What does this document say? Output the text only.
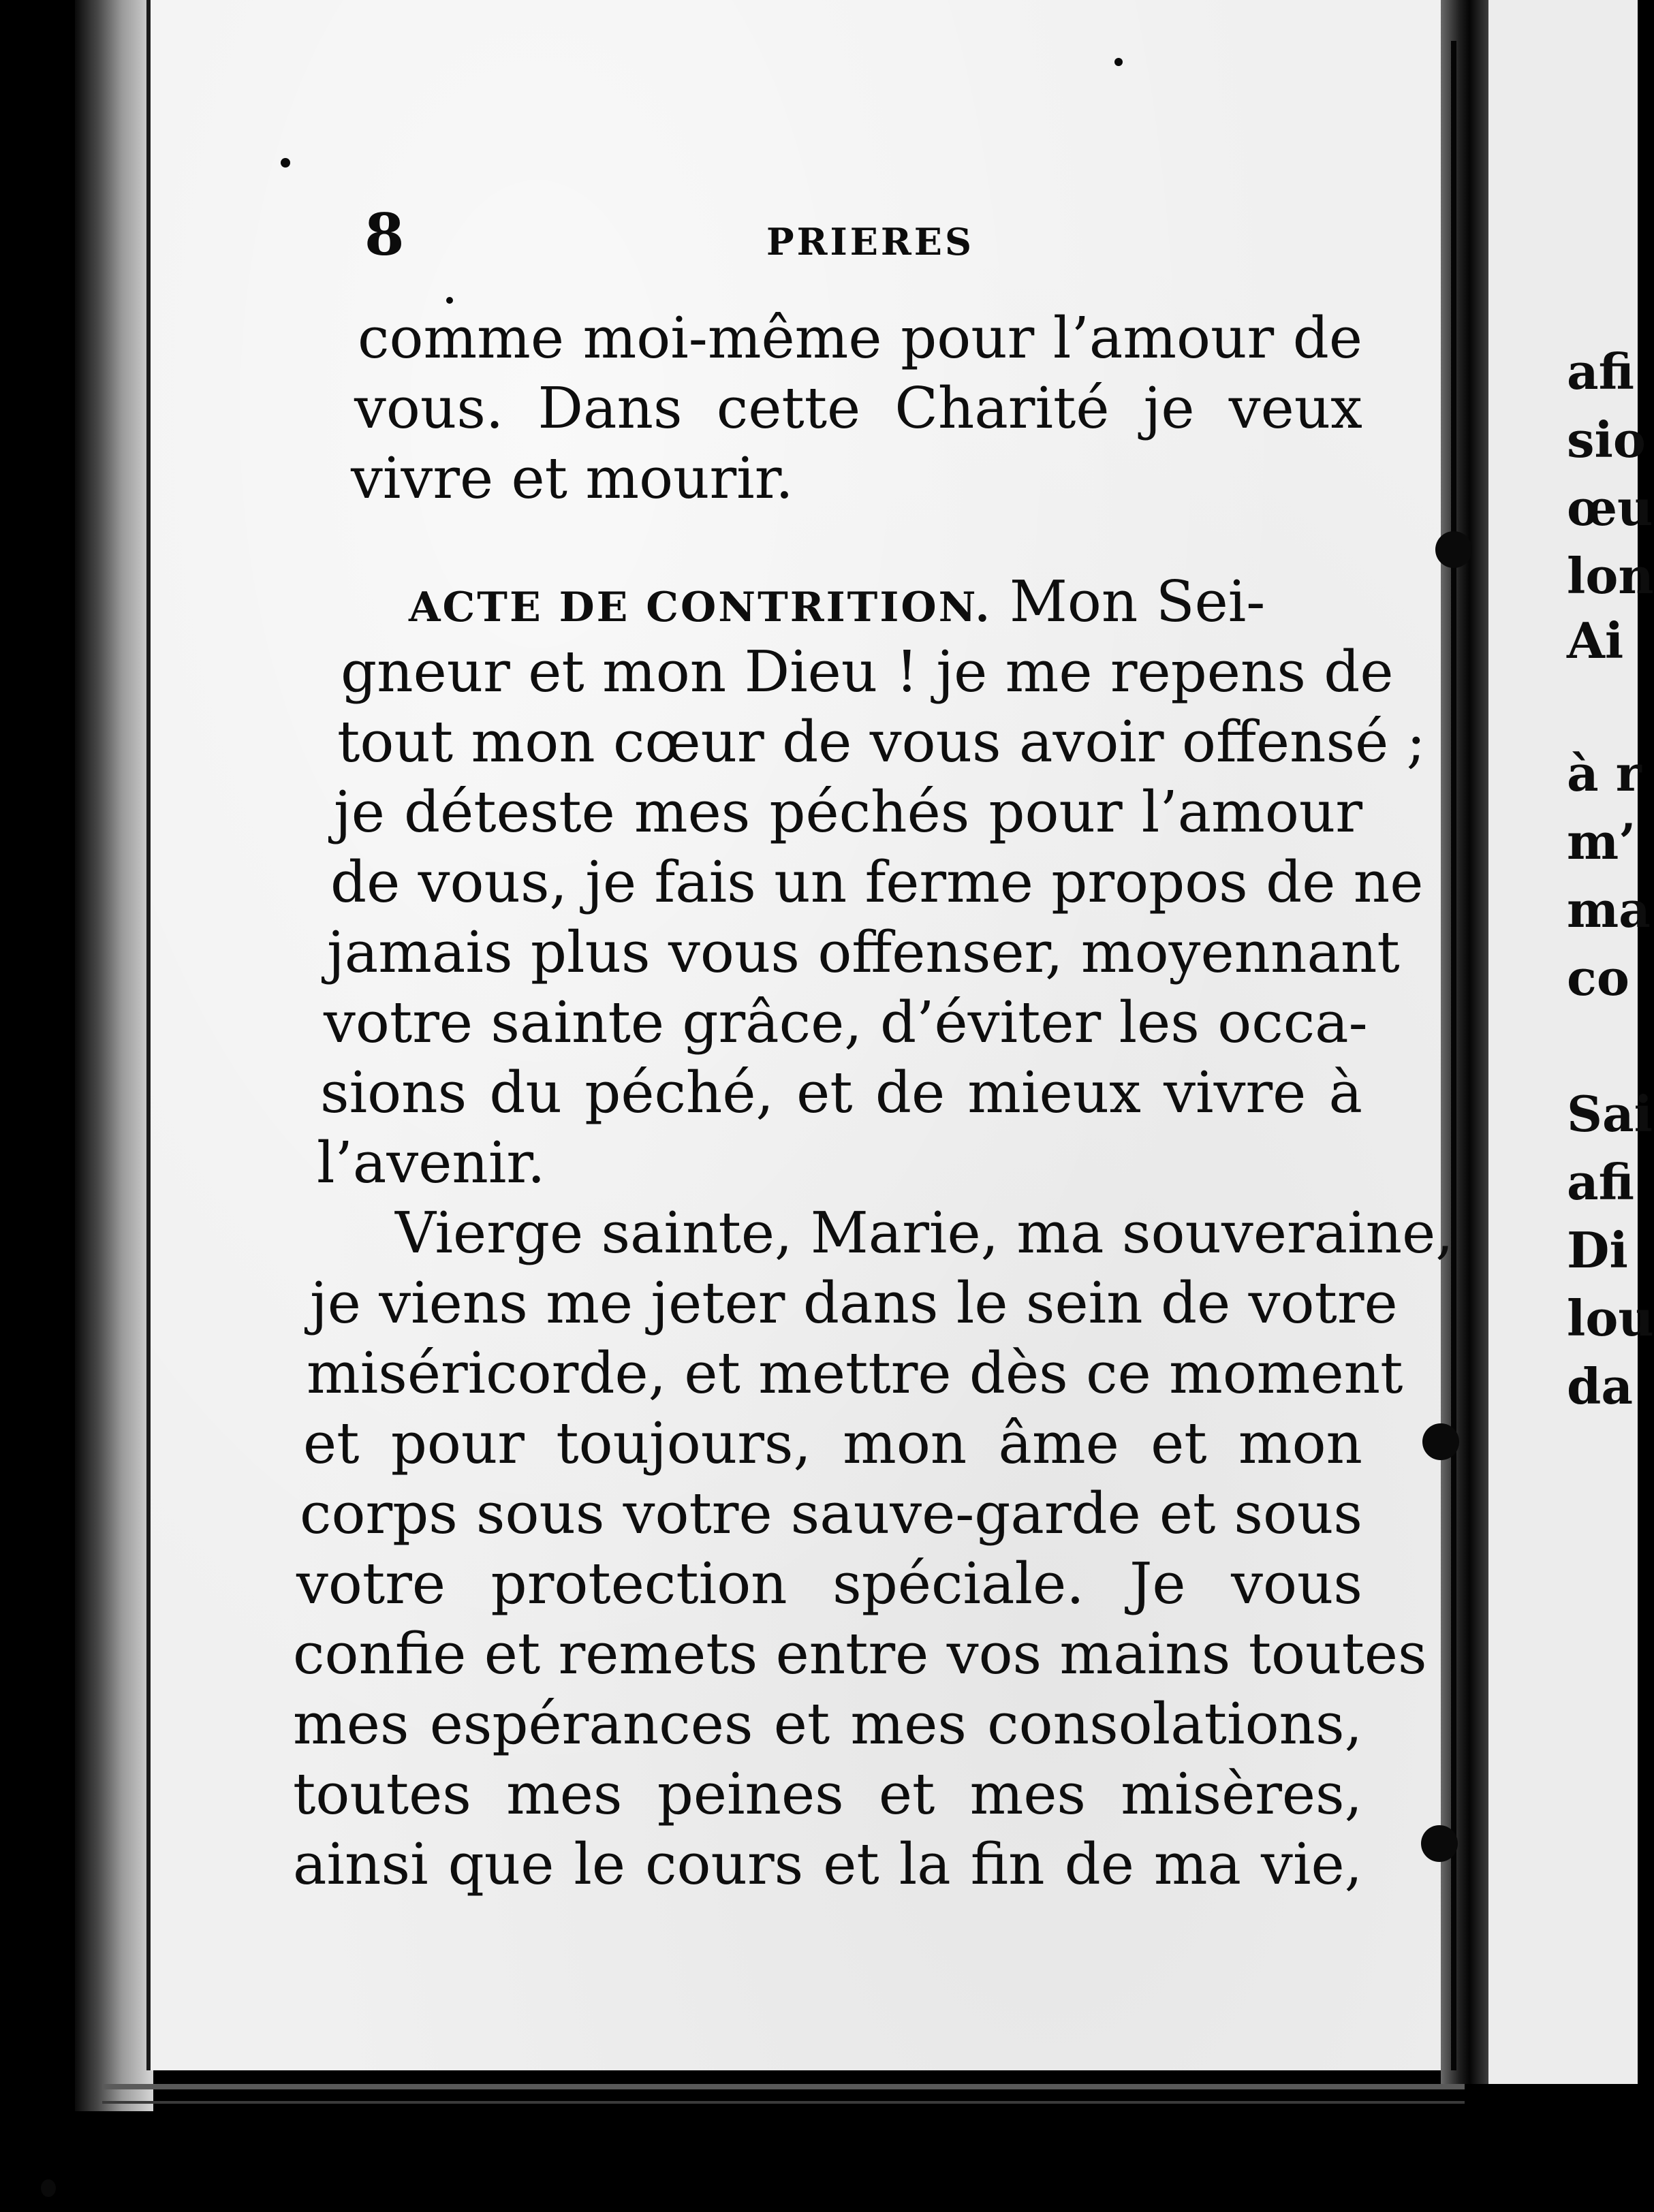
afi

sio

œu

lon

Ai

à r

m’

ma

co

Sai

afi

Di

lou

da

8	PRIERES

comme moi-même pour l’amour de
vous. Dans cette Charité je veux
vivre et mourir.
ACTE DE CONTRITION. Mon Sei-
gneur et mon Dieu ! je me repens de
tout mon cœur de vous avoir offensé ;
je déteste mes péchés pour l’amour
de vous, je fais un ferme propos de ne
jamais plus vous offenser, moyennant
votre sainte grâce, d’éviter les occa-
sions du péché, et de mieux vivre à
l’avenir.
Vierge sainte, Marie, ma souveraine,
je viens me jeter dans le sein de votre
miséricorde, et mettre dès ce moment
et pour toujours, mon âme et mon
corps sous votre sauve-garde et sous
votre protection spéciale. Je vous
confie et remets entre vos mains toutes
mes espérances et mes consolations,
toutes mes peines et mes misères,
ainsi que le cours et la fin de ma vie,
